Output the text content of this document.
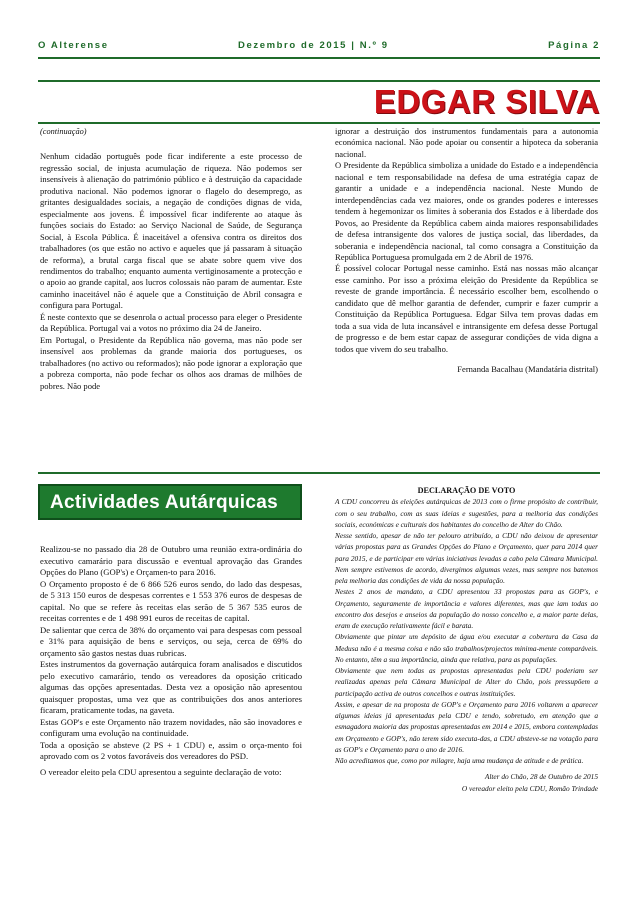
O Alterense	Dezembro de 2015 | N.º 9	Página 2
EDGAR SILVA

(continuação)

Nenhum cidadão português pode ficar indiferente a este processo de regressão social, de injusta acumulação de riqueza. Não podemos ser insensíveis à alienação do património público e à destruição da capacidade produtiva nacional. Não podemos ignorar o flagelo do desemprego, as gritantes desigualdades sociais, a negação de condições dignas de vida, especialmente aos jovens. É impossível ficar indiferente ao ataque às funções sociais do Estado: ao Serviço Nacional de Saúde, de Segurança Social, à Escola Pública. É inaceitável a ofensiva contra os direitos dos trabalhadores (os que estão no activo e aqueles que já passaram à situação de reforma), a brutal carga fiscal que se abate sobre quem vive dos rendimentos do trabalho; enquanto aumenta vertiginosamente a protecção e o apoio ao grande capital, aos lucros colossais não param de aumentar. Este caminho inaceitável não é aquele que a Constituição de Abril consagra e configura para Portugal.

É neste contexto que se desenrola o actual processo para eleger o Presidente da República. Portugal vai a votos no próximo dia 24 de Janeiro.

Em Portugal, o Presidente da República não governa, mas não pode ser insensível aos problemas da grande maioria dos portugueses, os trabalhadores (no activo ou reformados); não pode ignorar a exploração que a pobreza comporta, não pode fechar os olhos aos dramas de milhões de pobres. Não pode

ignorar a destruição dos instrumentos fundamentais para a autonomia económica nacional. Não pode apoiar ou consentir a hipoteca da soberania nacional.

O Presidente da República simboliza a unidade do Estado e a independência nacional e tem responsabilidade na defesa de uma estratégia capaz de garantir a unidade e a independência nacional. Neste Mundo de interdependências cada vez maiores, onde os grandes poderes e interesses tendem à hegemonizar os limites à soberania dos Estados e à liberdade dos Povos, ao Presidente da República cabem ainda maiores responsabilidades de defesa intransigente dos valores de justiça social, das liberdades, da soberania e independência nacional, tal como consagra a Constituição da República Portuguesa promulgada em 2 de Abril de 1976.

É possível colocar Portugal nesse caminho. Está nas nossas mão alcançar esse caminho. Por isso a próxima eleição do Presidente da República se reveste de grande importância. É necessário escolher bem, escolhendo o candidato que dê melhor garantia de defender, cumprir e fazer cumprir a Constituição da República Portuguesa. Edgar Silva tem provas dadas em toda a sua vida de luta incansável e intransigente em defesa desse Portugal de progresso e de bem estar capaz de assegurar condições de vida digna a todos que vivem do seu trabalho.

Fernanda Bacalhau (Mandatária distrital)

Actividades Autárquicas

Realizou-se no passado dia 28 de Outubro uma reunião extra-ordinária do executivo camarário para discussão e eventual aprovação das Grandes Opções do Plano (GOP's) e Orçamen-to para 2016.

O Orçamento proposto é de 6 866 526 euros sendo, do lado das despesas, de 5 313 150 euros de despesas correntes e 1 553 376 euros de despesas de capital. No que se refere às receitas elas serão de 5 367 535 euros de receitas correntes e de 1 498 991 euros de receitas de capital.

De salientar que cerca de 38% do orçamento vai para despesas com pessoal e 31% para aquisição de bens e serviços, ou seja, cerca de 69% do orçamento são gastos nestas duas rubricas.

Estes instrumentos da governação autárquica foram analisados e discutidos pelo executivo camarário, tendo os vereadores da oposição criticado algumas das opções apresentadas. Desta vez a oposição não apresentou quaisquer propostas, uma vez que as contribuições dos anos anteriores ficaram, praticamente todas, na gaveta.

Estas GOP's e este Orçamento não trazem novidades, não são inovadores e configuram uma evolução na continuidade.

Toda a oposição se absteve (2 PS + 1 CDU) e, assim o orça-mento foi aprovado com os 2 votos favoráveis dos vereadores do PSD.

O vereador eleito pela CDU apresentou a seguinte declaração de voto:

DECLARAÇÃO DE VOTO

A CDU concorreu às eleições autárquicas de 2013 com o firme propósito de contribuir, com o seu trabalho, com as suas ideias e sugestões, para a melhoria das condições sociais, económicas e culturais dos habitantes do concelho de Alter do Chão.

Nesse sentido, apesar de não ter pelouro atribuído, a CDU não deixou de apresentar várias propostas para as Grandes Opções do Plano e Orçamento, quer para 2014 quer para 2015, e de participar em várias iniciativas levadas a cabo pela Câmara Municipal. Nem sempre estivemos de acordo, divergimos algumas vezes, mas sempre nos batemos pela melhoria das condições de vida da nossa população.

Nestes 2 anos de mandato, a CDU apresentou 33 propostas para as GOP's, e Orçamento, seguramente de importância e valores diferentes, mas que iam todas ao encontro dos desejos e anseios da população do nosso concelho e, a maior parte delas, eram de execução relativamente fácil e barata.

Obviamente que pintar um depósito de água e/ou executar a cobertura da Casa da Medusa não é a mesma coisa e não são trabalhos/projectos minima-mente comparáveis. No entanto, têm a sua importância, ainda que relativa, para as populações.

Obviamente que nem todas as propostas apresentadas pela CDU poderiam ser realizadas apenas pela Câmara Municipal de Alter do Chão, pois pressupõem a participação activa de outros concelhos e outras instituições.

Assim, e apesar de na proposta de GOP's e Orçamento para 2016 voltarem a aparecer algumas ideias já apresentadas pela CDU e tendo, sobretudo, em atenção que a esmagadora maioria das propostas apresentadas em 2014 e 2015, embora contempladas em Orçamento e GOP's, não terem sido executa-das, a CDU absteve-se na votação para as GOP's e Orçamento para o ano de 2016.

Não acreditamos que, como por milagre, haja uma mudança de atitude e de prática.

Alter do Chão, 28 de Outubro de 2015

O vereador eleito pela CDU, Romão Trindade
